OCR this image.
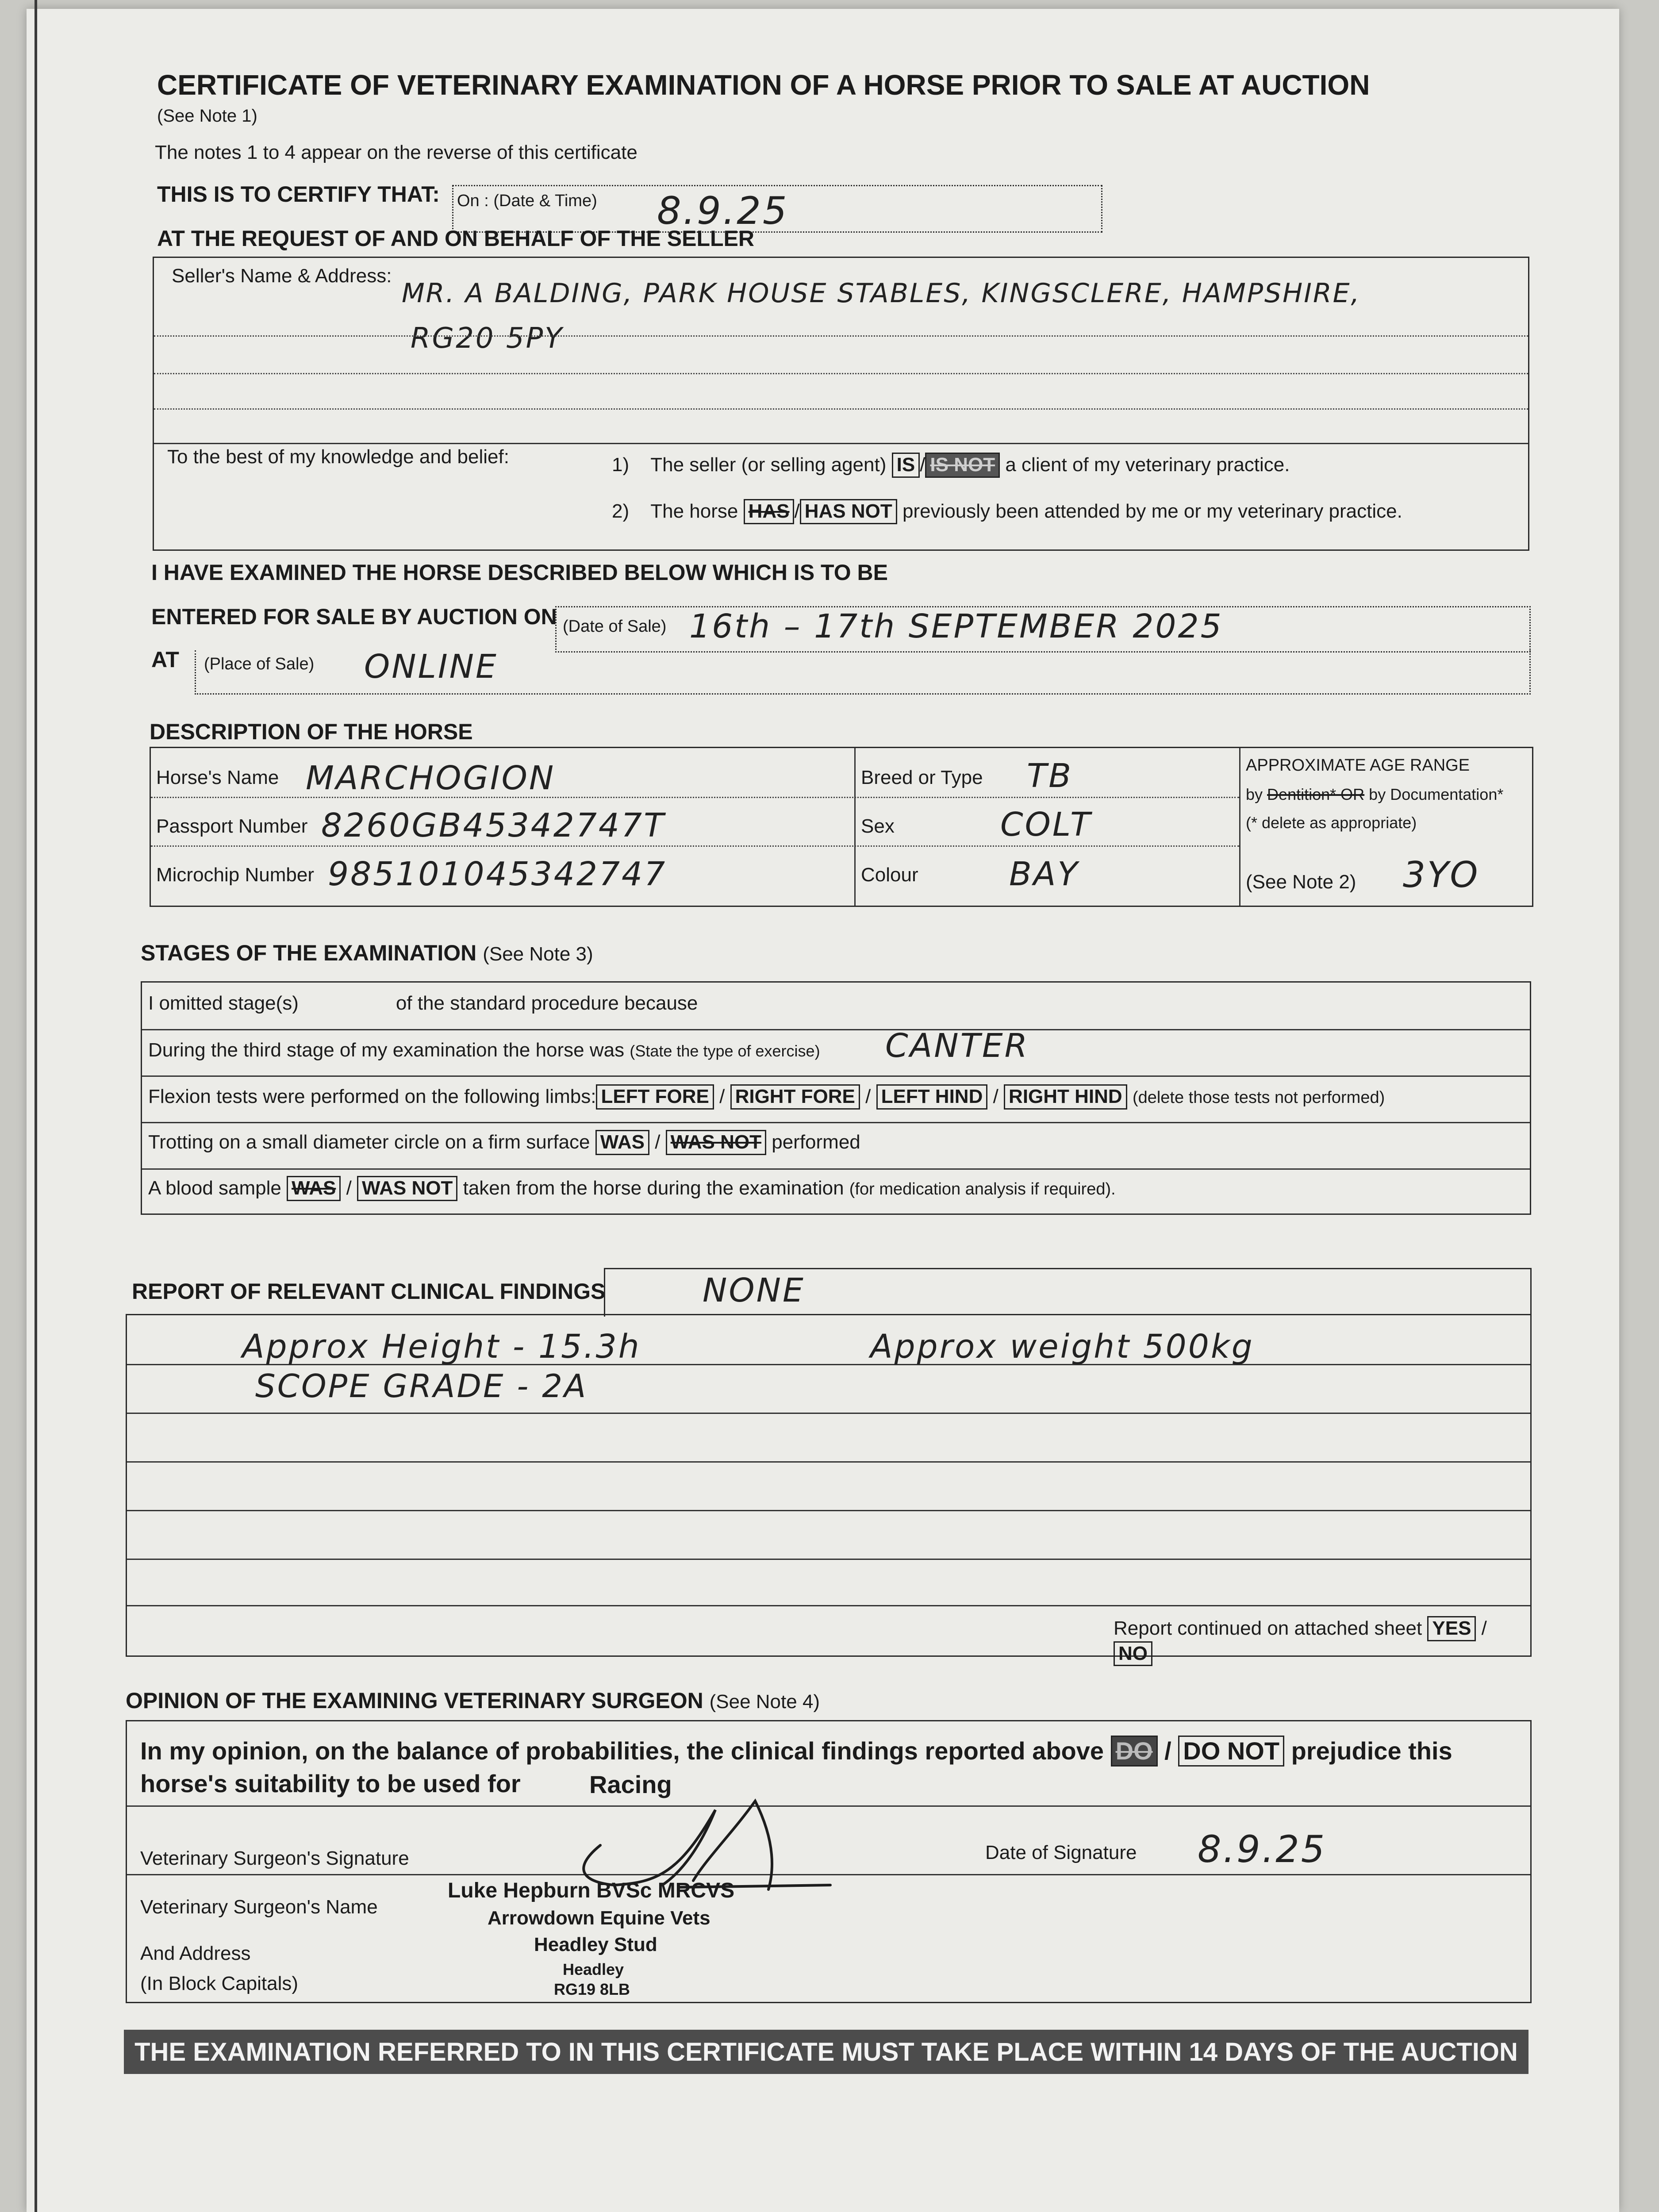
CERTIFICATE OF VETERINARY EXAMINATION OF A HORSE PRIOR TO SALE AT AUCTION
(See Note 1)
The notes 1 to 4 appear on the reverse of this certificate
THIS IS TO CERTIFY THAT: On : (Date & Time) 8.9.25
AT THE REQUEST OF AND ON BEHALF OF THE SELLER
Seller's Name & Address:
MR. A BALDING, PARK HOUSE STABLES, KINGSCLERE, HAMPSHIRE,
RG20 5PY
To the best of my knowledge and belief:	1) The seller (or selling agent) IS / IS NOT a client of my veterinary practice.
2) The horse HAS / HAS NOT previously been attended by me or my veterinary practice.
I HAVE EXAMINED THE HORSE DESCRIBED BELOW WHICH IS TO BE
ENTERED FOR SALE BY AUCTION ON (Date of Sale) 16th – 17th SEPTEMBER 2025
AT (Place of Sale) ONLINE
DESCRIPTION OF THE HORSE
Horse's Name MARCHOGION
Passport Number 8260GB45342747T
Microchip Number 985101045342747
Breed or Type TB
Sex	COLT
Colour	BAY
APPROXIMATE AGE RANGE
by Dentition* OR by Documentation*
(* delete as appropriate)
(See Note 2) 3YO
STAGES OF THE EXAMINATION (See Note 3)
I omitted stage(s)	of the standard procedure because
During the third stage of my examination the horse was (State the type of exercise) CANTER
Flexion tests were performed on the following limbs: LEFT FORE / RIGHT FORE / LEFT HIND / RIGHT HIND (delete those tests not performed)
Trotting on a small diameter circle on a firm surface WAS / WAS NOT performed
A blood sample WAS / WAS NOT taken from the horse during the examination (for medication analysis if required).
REPORT OF RELEVANT CLINICAL FINDINGS	NONE
Approx Height - 15.3h	Approx weight 500kg
SCOPE GRADE - 2A
Report continued on attached sheet YES / NO
OPINION OF THE EXAMINING VETERINARY SURGEON (See Note 4)
In my opinion, on the balance of probabilities, the clinical findings reported above DO / DO NOT prejudice this
horse's suitability to be used for	Racing
Veterinary Surgeon's Signature	Date of Signature 8.9.25
Veterinary Surgeon's Name
And Address
(In Block Capitals)
Luke Hepburn BVSc MRCVS
Arrowdown Equine Vets
Headley Stud
Headley
RG19 8LB
THE EXAMINATION REFERRED TO IN THIS CERTIFICATE MUST TAKE PLACE WITHIN 14 DAYS OF THE AUCTION
